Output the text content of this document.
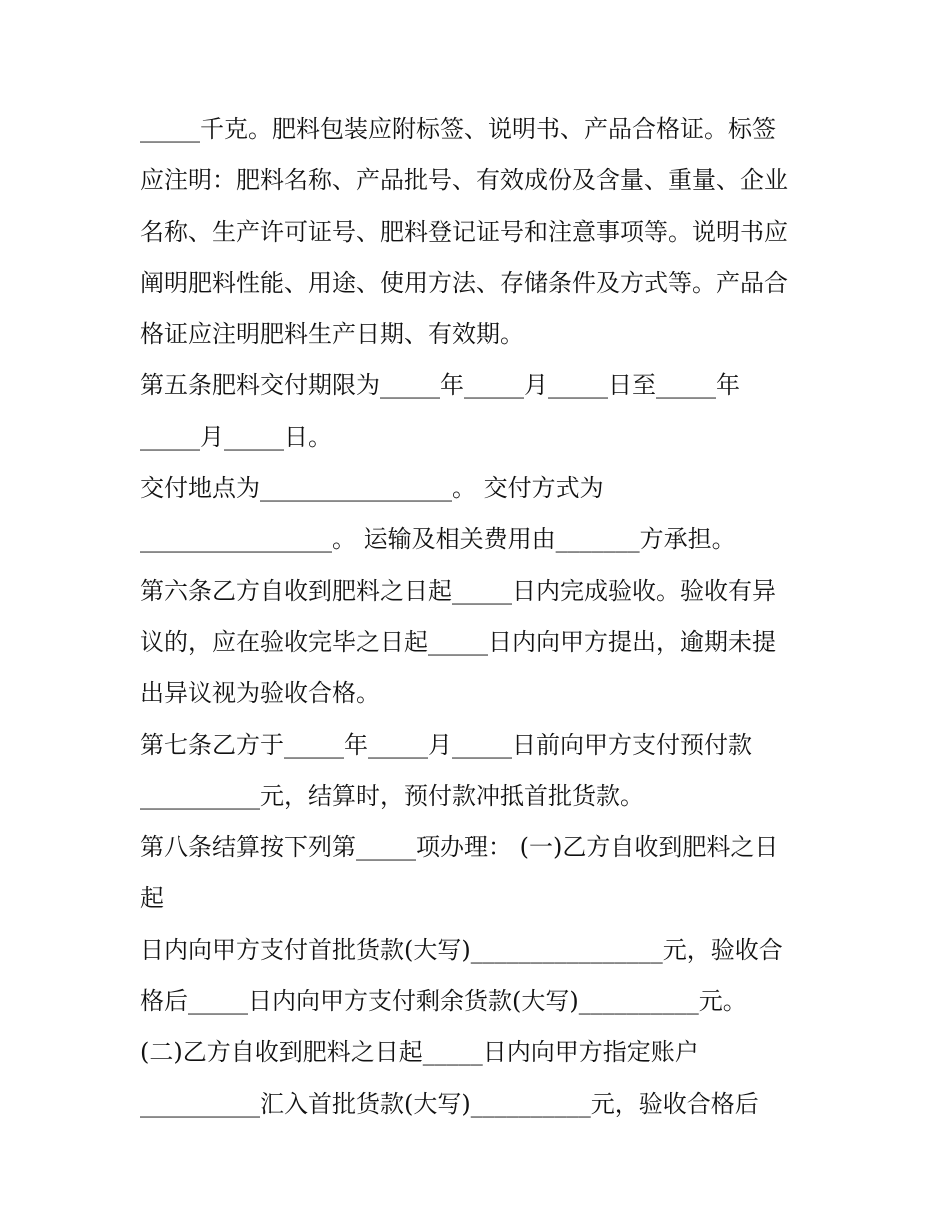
_____千克。肥料包装应附标签、说明书、产品合格证。标签
应注明：肥料名称、产品批号、有效成份及含量、重量、企业
名称、生产许可证号、肥料登记证号和注意事项等。说明书应
阐明肥料性能、用途、使用方法、存储条件及方式等。产品合
格证应注明肥料生产日期、有效期。
第五条肥料交付期限为_____年_____月_____日至_____年
_____月_____日。
交付地点为________________。 交付方式为
________________。 运输及相关费用由_______方承担。
第六条乙方自收到肥料之日起_____日内完成验收。验收有异
议的，应在验收完毕之日起_____日内向甲方提出，逾期未提
出异议视为验收合格。
第七条乙方于_____年_____月_____日前向甲方支付预付款
__________元，结算时，预付款冲抵首批货款。
第八条结算按下列第_____项办理： (一)乙方自收到肥料之日
起
日内向甲方支付首批货款(大写)________________元，验收合
格后_____日内向甲方支付剩余货款(大写)__________元。
(二)乙方自收到肥料之日起_____日内向甲方指定账户
__________汇入首批货款(大写)__________元，验收合格后
